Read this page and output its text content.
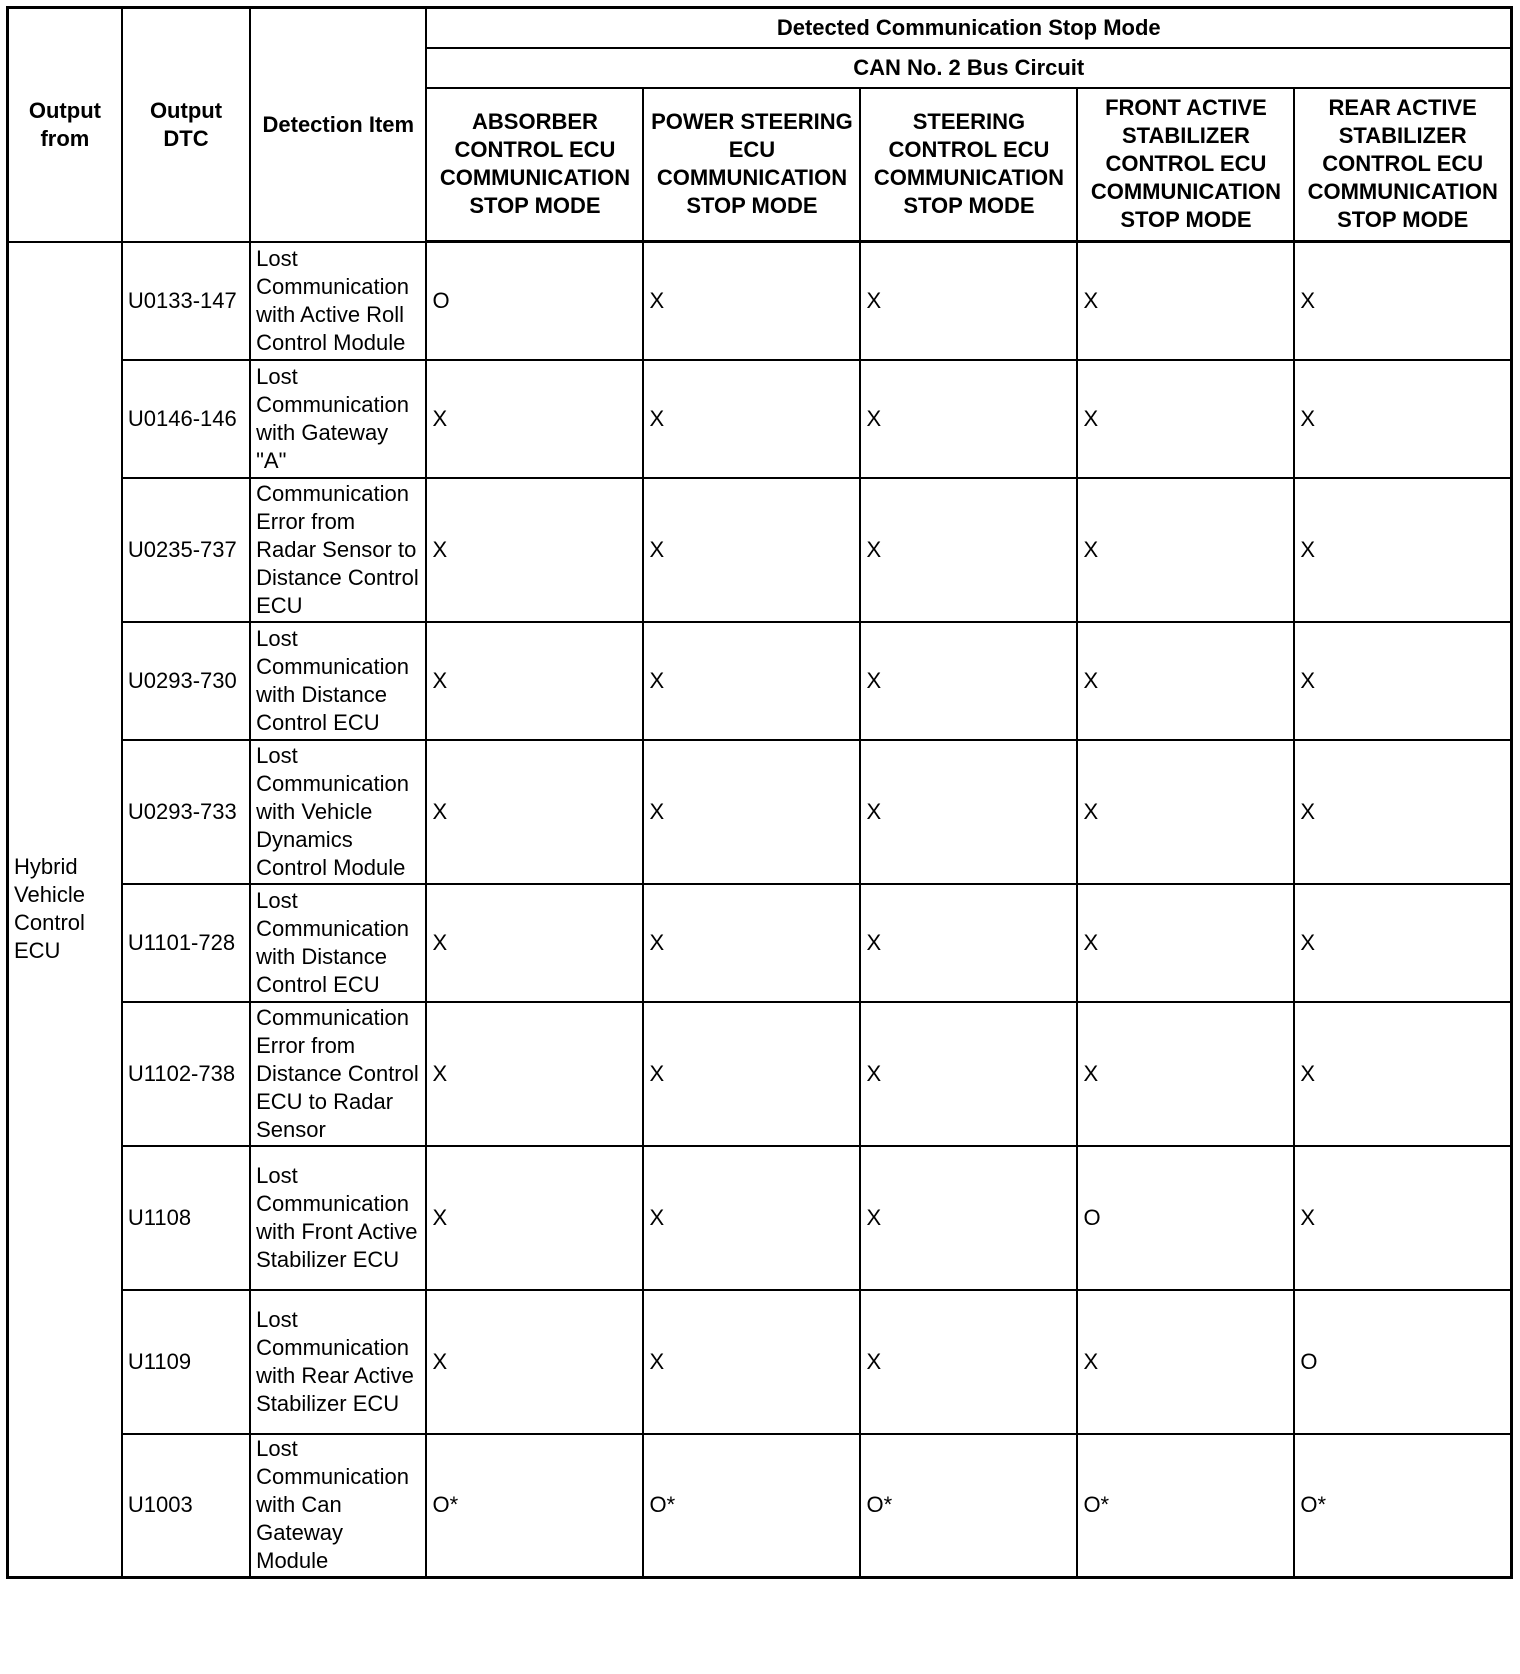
Output from	Output DTC	Detection Item	Detected Communication Stop Mode				
			CAN No. 2 Bus Circuit				
			ABSORBER CONTROL ECU COMMUNICATION STOP MODE	POWER STEERING ECU COMMUNICATION STOP MODE	STEERING CONTROL ECU COMMUNICATION STOP MODE	FRONT ACTIVE STABILIZER CONTROL ECU COMMUNICATION STOP MODE	REAR ACTIVE STABILIZER CONTROL ECU COMMUNICATION STOP MODE
Hybrid Vehicle Control ECU	U0133-147	Lost Communication with Active Roll Control Module	O	X	X	X	X
	U0146-146	Lost Communication with Gateway "A"	X	X	X	X	X
	U0235-737	Communication Error from Radar Sensor to Distance Control ECU	X	X	X	X	X
	U0293-730	Lost Communication with Distance Control ECU	X	X	X	X	X
	U0293-733	Lost Communication with Vehicle Dynamics Control Module	X	X	X	X	X
	U1101-728	Lost Communication with Distance Control ECU	X	X	X	X	X
	U1102-738	Communication Error from Distance Control ECU to Radar Sensor	X	X	X	X	X
	U1108	Lost Communication with Front Active Stabilizer ECU	X	X	X	O	X
	U1109	Lost Communication with Rear Active Stabilizer ECU	X	X	X	X	O
	U1003	Lost Communication with Can Gateway Module	O*	O*	O*	O*	O*
